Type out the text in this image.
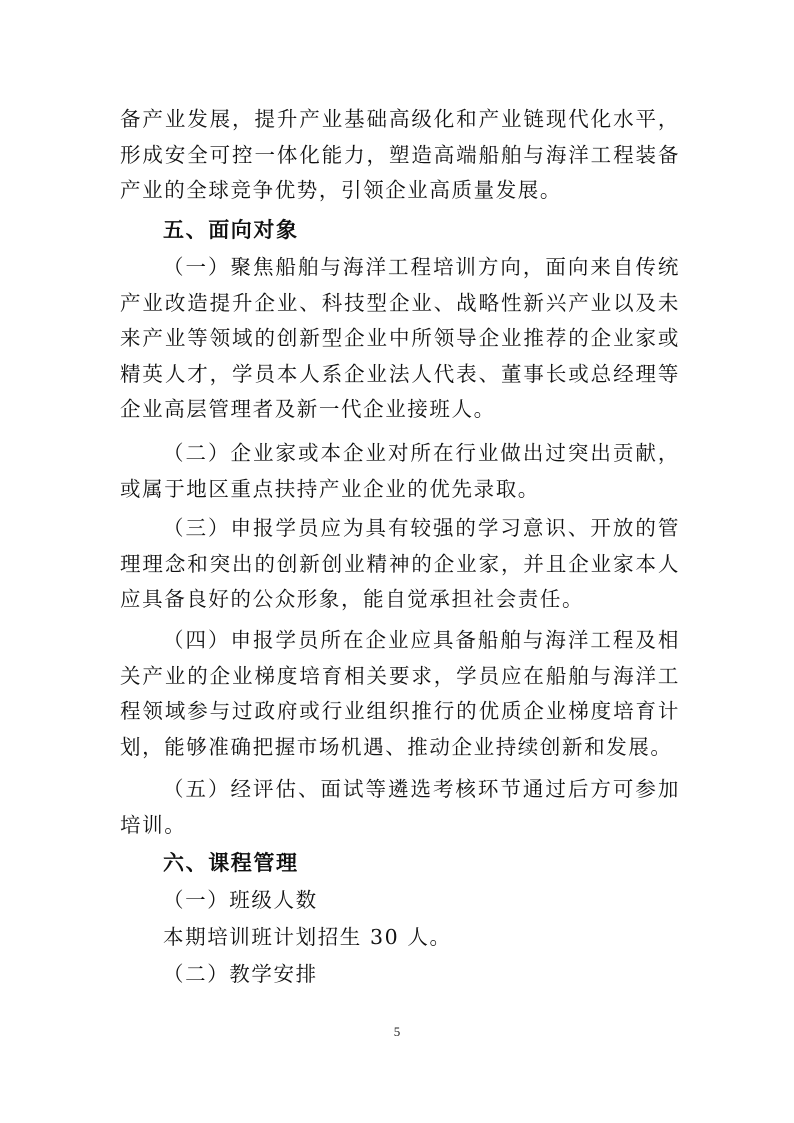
备产业发展，提升产业基础高级化和产业链现代化水平，形成安全可控一体化能力，塑造高端船舶与海洋工程装备产业的全球竞争优势，引领企业高质量发展。

五、面向对象

（一）聚焦船舶与海洋工程培训方向，面向来自传统产业改造提升企业、科技型企业、战略性新兴产业以及未来产业等领域的创新型企业中所领导企业推荐的企业家或精英人才，学员本人系企业法人代表、董事长或总经理等企业高层管理者及新一代企业接班人。

（二）企业家或本企业对所在行业做出过突出贡献，或属于地区重点扶持产业企业的优先录取。

（三）申报学员应为具有较强的学习意识、开放的管理理念和突出的创新创业精神的企业家，并且企业家本人应具备良好的公众形象，能自觉承担社会责任。

（四）申报学员所在企业应具备船舶与海洋工程及相关产业的企业梯度培育相关要求，学员应在船舶与海洋工程领域参与过政府或行业组织推行的优质企业梯度培育计划，能够准确把握市场机遇、推动企业持续创新和发展。

（五）经评估、面试等遴选考核环节通过后方可参加培训。

六、课程管理

（一）班级人数

本期培训班计划招生 30 人。

（二）教学安排

5
